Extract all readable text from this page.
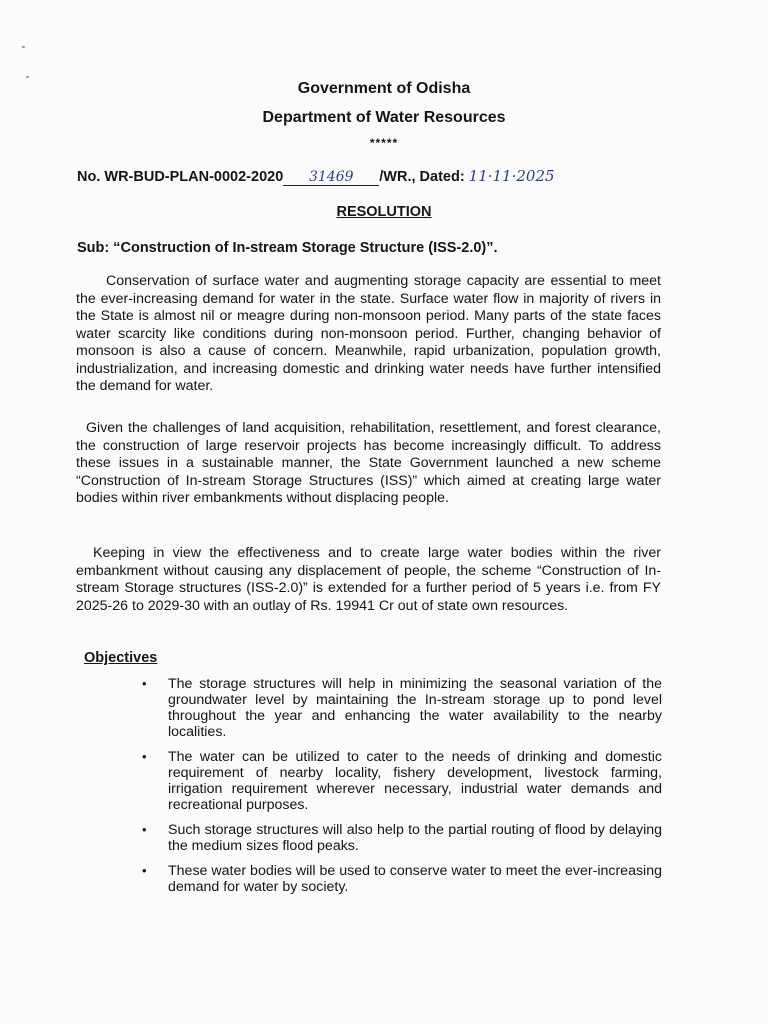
Government of Odisha
Department of Water Resources
*****
No. WR-BUD-PLAN-0002-2020 31469 /WR., Dated: 11·11·2025
RESOLUTION
Sub: “Construction of In-stream Storage Structure (ISS-2.0)”.

Conservation of surface water and augmenting storage capacity are essential to meet the ever-increasing demand for water in the state. Surface water flow in majority of rivers in the State is almost nil or meagre during non-monsoon period. Many parts of the state faces water scarcity like conditions during non-monsoon period. Further, changing behavior of monsoon is also a cause of concern. Meanwhile, rapid urbanization, population growth, industrialization, and increasing domestic and drinking water needs have further intensified the demand for water.

Given the challenges of land acquisition, rehabilitation, resettlement, and forest clearance, the construction of large reservoir projects has become increasingly difficult. To address these issues in a sustainable manner, the State Government launched a new scheme “Construction of In-stream Storage Structures (ISS)” which aimed at creating large water bodies within river embankments without displacing people.

Keeping in view the effectiveness and to create large water bodies within the river embankment without causing any displacement of people, the scheme “Construction of In-stream Storage structures (ISS-2.0)” is extended for a further period of 5 years i.e. from FY 2025-26 to 2029-30 with an outlay of Rs. 19941 Cr out of state own resources.

Objectives
• The storage structures will help in minimizing the seasonal variation of the groundwater level by maintaining the In-stream storage up to pond level throughout the year and enhancing the water availability to the nearby localities.
• The water can be utilized to cater to the needs of drinking and domestic requirement of nearby locality, fishery development, livestock farming, irrigation requirement wherever necessary, industrial water demands and recreational purposes.
• Such storage structures will also help to the partial routing of flood by delaying the medium sizes flood peaks.
• These water bodies will be used to conserve water to meet the ever-increasing demand for water by society.
